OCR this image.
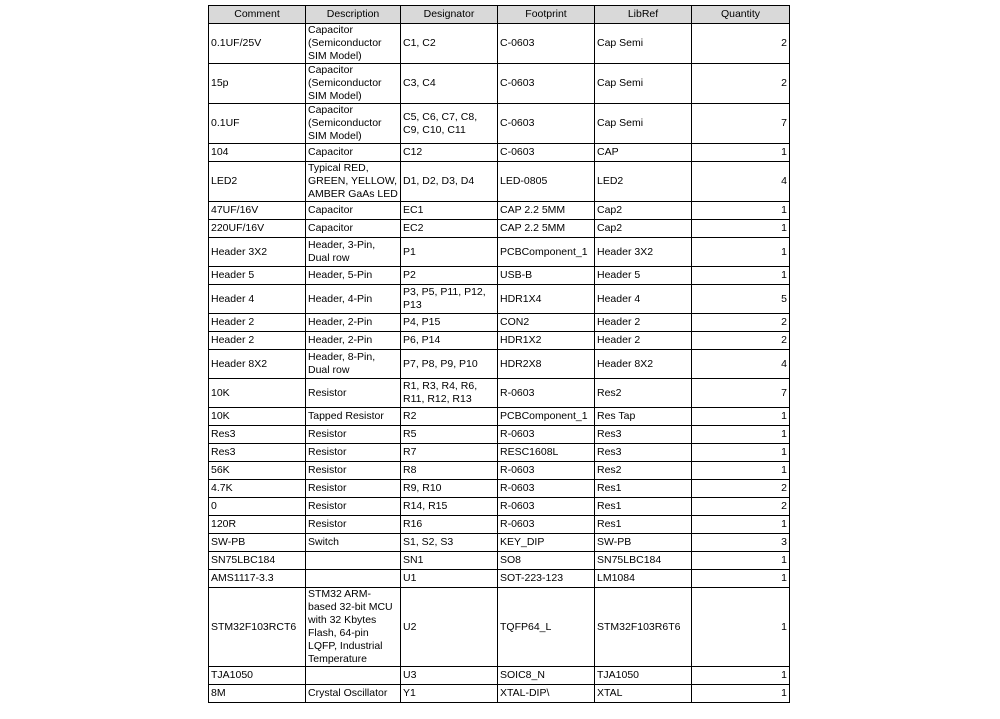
Comment	Description	Designator	Footprint	LibRef	Quantity
0.1UF/25V	Capacitor (Semiconductor SIM Model)	C1, C2	C-0603	Cap Semi	2
15p	Capacitor (Semiconductor SIM Model)	C3, C4	C-0603	Cap Semi	2
0.1UF	Capacitor (Semiconductor SIM Model)	C5, C6, C7, C8, C9, C10, C11	C-0603	Cap Semi	7
104	Capacitor	C12	C-0603	CAP	1
LED2	Typical RED, GREEN, YELLOW, AMBER GaAs LED	D1, D2, D3, D4	LED-0805	LED2	4
47UF/16V	Capacitor	EC1	CAP 2.2 5MM	Cap2	1
220UF/16V	Capacitor	EC2	CAP 2.2 5MM	Cap2	1
Header 3X2	Header, 3-Pin, Dual row	P1	PCBComponent_1	Header 3X2	1
Header 5	Header, 5-Pin	P2	USB-B	Header 5	1
Header 4	Header, 4-Pin	P3, P5, P11, P12, P13	HDR1X4	Header 4	5
Header 2	Header, 2-Pin	P4, P15	CON2	Header 2	2
Header 2	Header, 2-Pin	P6, P14	HDR1X2	Header 2	2
Header 8X2	Header, 8-Pin, Dual row	P7, P8, P9, P10	HDR2X8	Header 8X2	4
10K	Resistor	R1, R3, R4, R6, R11, R12, R13	R-0603	Res2	7
10K	Tapped Resistor	R2	PCBComponent_1	Res Tap	1
Res3	Resistor	R5	R-0603	Res3	1
Res3	Resistor	R7	RESC1608L	Res3	1
56K	Resistor	R8	R-0603	Res2	1
4.7K	Resistor	R9, R10	R-0603	Res1	2
0	Resistor	R14, R15	R-0603	Res1	2
120R	Resistor	R16	R-0603	Res1	1
SW-PB	Switch	S1, S2, S3	KEY_DIP	SW-PB	3
SN75LBC184		SN1	SO8	SN75LBC184	1
AMS1117-3.3		U1	SOT-223-123	LM1084	1
STM32F103RCT6	STM32 ARM-based 32-bit MCU with 32 Kbytes Flash, 64-pin LQFP, Industrial Temperature	U2	TQFP64_L	STM32F103R6T6	1
TJA1050		U3	SOIC8_N	TJA1050	1
8M	Crystal Oscillator	Y1	XTAL-DIP\	XTAL	1
